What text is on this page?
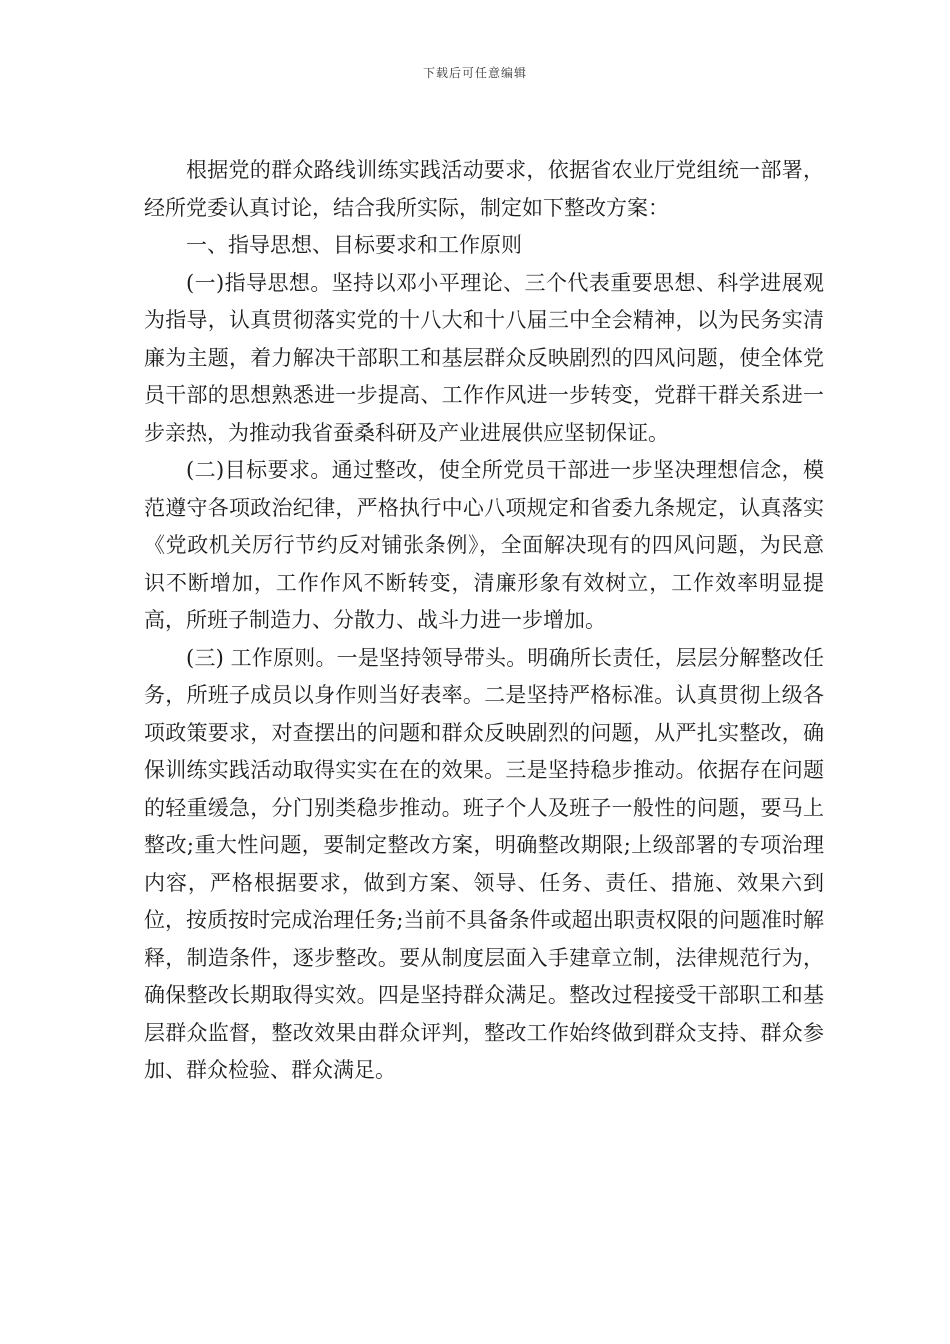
下载后可任意编辑

根据党的群众路线训练实践活动要求，依据省农业厅党组统一部署，经所党委认真讨论，结合我所实际，制定如下整改方案：

一、指导思想、目标要求和工作原则

(一)指导思想。坚持以邓小平理论、三个代表重要思想、科学进展观为指导，认真贯彻落实党的十八大和十八届三中全会精神，以为民务实清廉为主题，着力解决干部职工和基层群众反映剧烈的四风问题，使全体党员干部的思想熟悉进一步提高、工作作风进一步转变，党群干群关系进一步亲热，为推动我省蚕桑科研及产业进展供应坚韧保证。

(二)目标要求。通过整改，使全所党员干部进一步坚决理想信念，模范遵守各项政治纪律，严格执行中心八项规定和省委九条规定，认真落实《党政机关厉行节约反对铺张条例》，全面解决现有的四风问题，为民意识不断增加，工作作风不断转变，清廉形象有效树立，工作效率明显提高，所班子制造力、分散力、战斗力进一步增加。

(三) 工作原则。一是坚持领导带头。明确所长责任，层层分解整改任务，所班子成员以身作则当好表率。二是坚持严格标准。认真贯彻上级各项政策要求，对查摆出的问题和群众反映剧烈的问题，从严扎实整改，确保训练实践活动取得实实在在的效果。三是坚持稳步推动。依据存在问题的轻重缓急，分门别类稳步推动。班子个人及班子一般性的问题，要马上整改;重大性问题，要制定整改方案，明确整改期限;上级部署的专项治理内容，严格根据要求，做到方案、领导、任务、责任、措施、效果六到位，按质按时完成治理任务;当前不具备条件或超出职责权限的问题准时解释，制造条件，逐步整改。要从制度层面入手建章立制，法律规范行为，确保整改长期取得实效。四是坚持群众满足。整改过程接受干部职工和基层群众监督，整改效果由群众评判，整改工作始终做到群众支持、群众参加、群众检验、群众满足。
